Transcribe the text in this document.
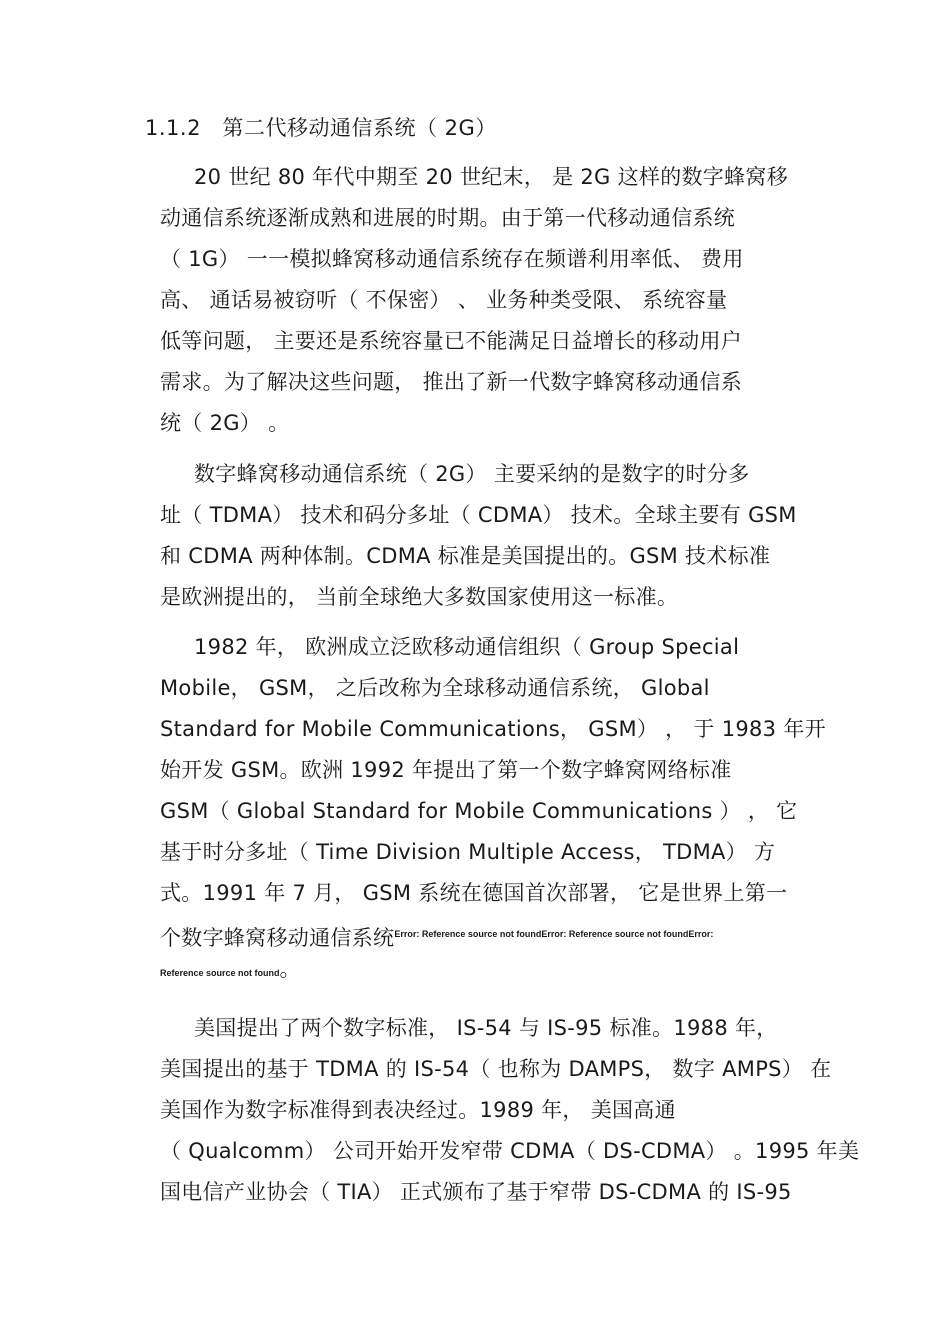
1.1.2 第二代移动通信系统（ 2G）
20 世纪 80 年代中期至 20 世纪末， 是 2G 这样的数字蜂窝移
动通信系统逐渐成熟和进展的时期。由于第一代移动通信系统
（ 1G） 一一模拟蜂窝移动通信系统存在频谱利用率低、 费用
高、 通话易被窃听（ 不保密） 、 业务种类受限、 系统容量
低等问题， 主要还是系统容量已不能满足日益增长的移动用户
需求。为了解决这些问题， 推出了新一代数字蜂窝移动通信系
统（ 2G） 。
数字蜂窝移动通信系统（ 2G） 主要采纳的是数字的时分多
址（ TDMA） 技术和码分多址（ CDMA） 技术。全球主要有 GSM
和 CDMA 两种体制。CDMA 标准是美国提出的。GSM 技术标准
是欧洲提出的， 当前全球绝大多数国家使用这一标准。
1982 年， 欧洲成立泛欧移动通信组织（ Group Special
Mobile， GSM， 之后改称为全球移动通信系统， Global
Standard for Mobile Communications， GSM） ， 于 1983 年开
始开发 GSM。欧洲 1992 年提出了第一个数字蜂窝网络标准
GSM（ Global Standard for Mobile Communications ） ， 它
基于时分多址（ Time Division Multiple Access， TDMA） 方
式。1991 年 7 月， GSM 系统在德国首次部署， 它是世界上第一
个数字蜂窝移动通信系统$^{Error: Reference source not foundError: Reference source not foundError:}$
Reference source not found。
美国提出了两个数字标准， IS-54 与 IS-95 标准。1988 年，
美国提出的基于 TDMA 的 IS-54（ 也称为 DAMPS， 数字 AMPS） 在
美国作为数字标准得到表决经过。1989 年， 美国高通
（ Qualcomm） 公司开始开发窄带 CDMA（ DS-CDMA） 。1995 年美
国电信产业协会（ TIA） 正式颁布了基于窄带 DS-CDMA 的 IS-95
